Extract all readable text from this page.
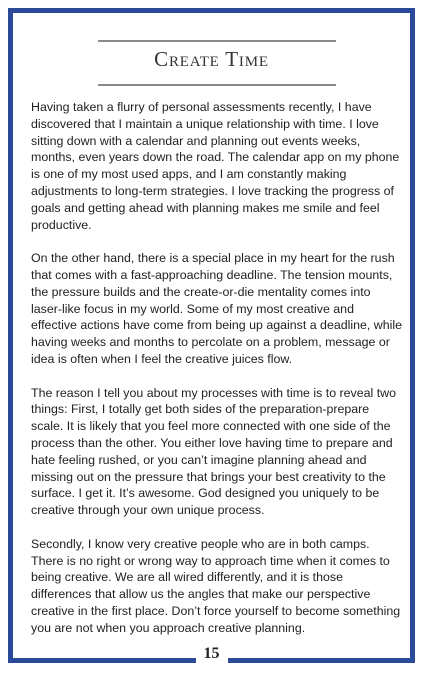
Create Time

Having taken a flurry of personal assessments recently, I have discovered that I maintain a unique relationship with time. I love sitting down with a calendar and planning out events weeks, months, even years down the road. The calendar app on my phone is one of my most used apps, and I am constantly making adjustments to long-term strategies. I love tracking the progress of goals and getting ahead with planning makes me smile and feel productive.

On the other hand, there is a special place in my heart for the rush that comes with a fast-approaching deadline. The tension mounts, the pressure builds and the create-or-die mentality comes into laser-like focus in my world. Some of my most creative and effective actions have come from being up against a deadline, while having weeks and months to percolate on a problem, message or idea is often when I feel the creative juices flow.

The reason I tell you about my processes with time is to reveal two things: First, I totally get both sides of the preparation-prepare scale. It is likely that you feel more connected with one side of the process than the other. You either love having time to prepare and hate feeling rushed, or you can’t imagine planning ahead and missing out on the pressure that brings your best creativity to the surface. I get it. It’s awesome. God designed you uniquely to be creative through your own unique process.

Secondly, I know very creative people who are in both camps. There is no right or wrong way to approach time when it comes to being creative. We are all wired differently, and it is those differences that allow us the angles that make our perspective creative in the first place. Don’t force yourself to become something you are not when you approach creative planning.

15
